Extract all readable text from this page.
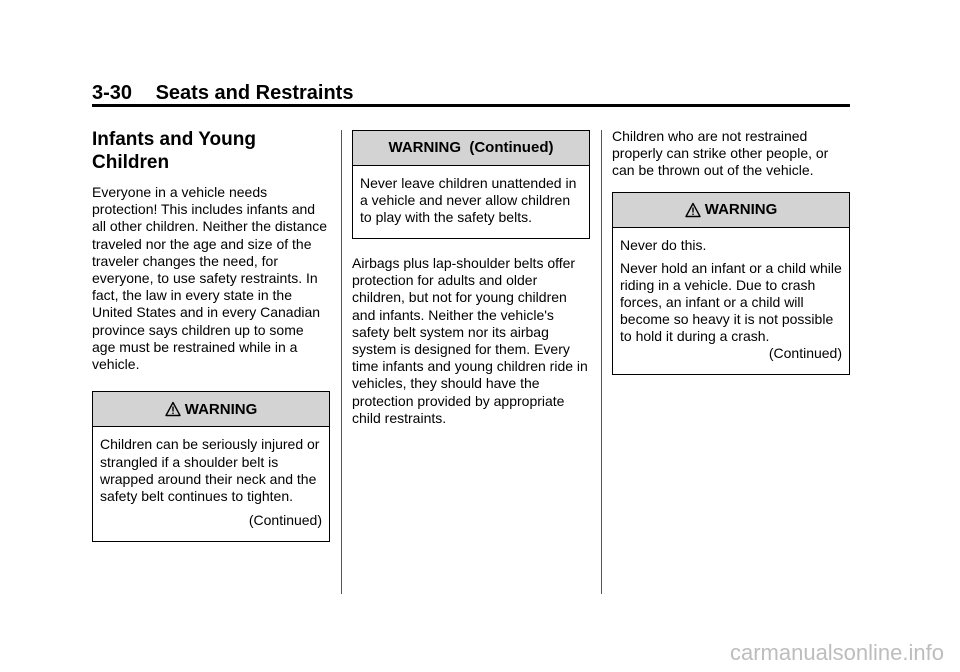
3-30 Seats and Restraints
Infants and Young Children

Everyone in a vehicle needs protection! This includes infants and all other children. Neither the distance traveled nor the age and size of the traveler changes the need, for everyone, to use safety restraints. In fact, the law in every state in the United States and in every Canadian province says children up to some age must be restrained while in a vehicle.

WARNING

Children can be seriously injured or strangled if a shoulder belt is wrapped around their neck and the safety belt continues to tighten.

(Continued)

WARNING  (Continued)

Never leave children unattended in a vehicle and never allow children to play with the safety belts.

Airbags plus lap-shoulder belts offer protection for adults and older children, but not for young children and infants. Neither the vehicle's safety belt system nor its airbag system is designed for them. Every time infants and young children ride in vehicles, they should have the protection provided by appropriate child restraints.

Children who are not restrained properly can strike other people, or can be thrown out of the vehicle.

WARNING

Never do this.

Never hold an infant or a child while riding in a vehicle. Due to crash forces, an infant or a child will become so heavy it is not possible to hold it during a crash.

(Continued)

carmanualsonline.info
